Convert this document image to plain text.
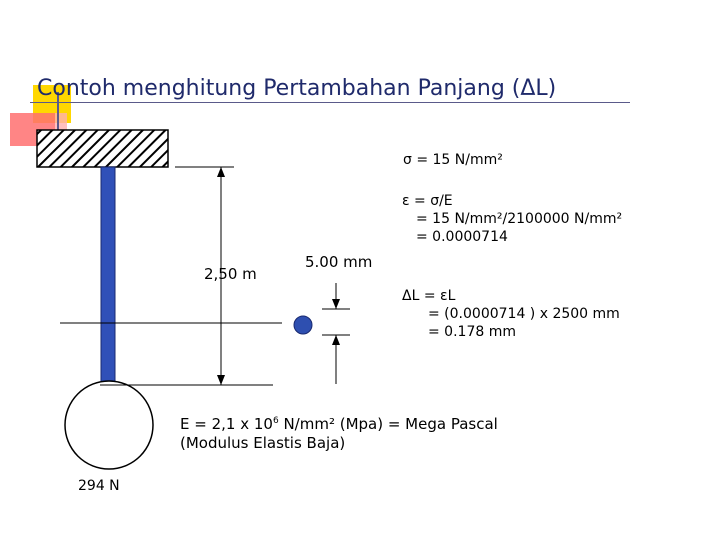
Contoh menghitung Pertambahan Panjang (ΔL)
2,50 m
5.00 mm
294 N
σ = 15 N/mm²
ε = σ/E
= 15 N/mm²/2100000 N/mm²
= 0.0000714
ΔL = εL
= (0.0000714 ) x 2500 mm
= 0.178 mm
E = 2,1 x $10^6$ N/mm² (Mpa) = Mega Pascal
(Modulus Elastis Baja)
